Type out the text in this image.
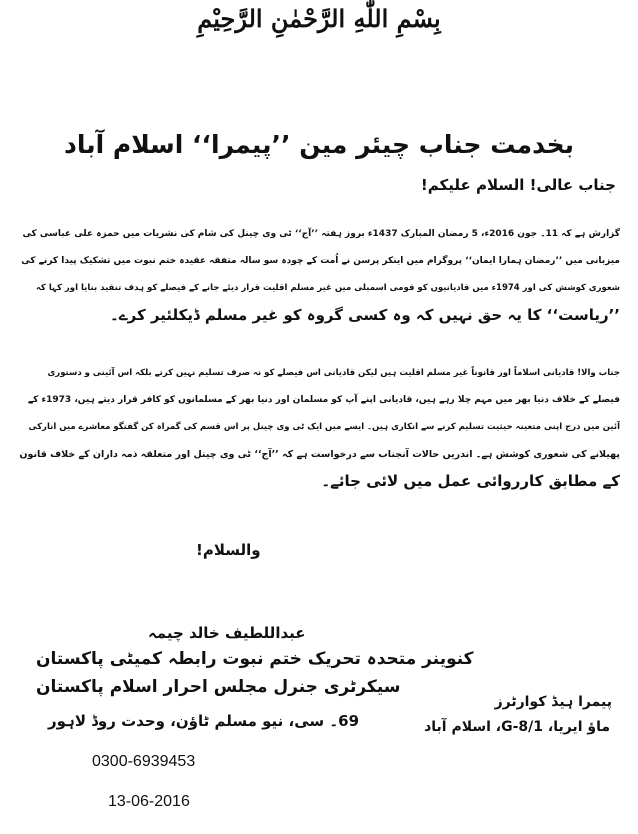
بِسْمِ اللّٰهِ الرَّحْمٰنِ الرَّحِيْمِ
بخدمت جناب چیئر مین ’’پیمرا‘‘ اسلام آباد
جناب عالی! السلام علیکم!
گزارش ہے کہ 11۔ جون 2016ء، 5 رمضان المبارک 1437ء بروز ہفتہ ’’آج‘‘ ٹی وی چینل کی شام کی نشریات میں حمزہ علی عباسی کی
میزبانی میں ’’رمضان ہمارا ایمان‘‘ پروگرام میں اینکر پرسن نے اُمت کے چودہ سو سالہ متفقہ عقیدہ ختم نبوت میں تشکیک پیدا کرنے کی
شعوری کوشش کی اور 1974ء میں قادیانیوں کو قومی اسمبلی میں غیر مسلم اقلیت قرار دیئے جانے کے فیصلے کو ہدف تنقید بنایا اور کہا کہ
’’ریاست‘‘ کا یہ حق نہیں کہ وہ کسی گروہ کو غیر مسلم ڈیکلئیر کرے۔
جناب والا! قادیانی اسلاماً اور قانوناً غیر مسلم اقلیت ہیں لیکن قادیانی اس فیصلے کو نہ صرف تسلیم نہیں کرتے بلکہ اس آئینی و دستوری
فیصلے کے خلاف دنیا بھر میں مہم چلا رہے ہیں، قادیانی اپنے آپ کو مسلمان اور دنیا بھر کے مسلمانوں کو کافر قرار دیتے ہیں، 1973ء کے
آئین میں درج اپنی متعینہ حیثیت تسلیم کرنے سے انکاری ہیں۔ ایسے میں ایک ٹی وی چینل پر اس قسم کی گمراہ کن گفتگو معاشرے میں انارکی
پھیلانے کی شعوری کوشش ہے۔ اندریں حالات آنجناب سے درخواست ہے کہ ’’آج‘‘ ٹی وی چینل اور متعلقہ ذمہ داران کے خلاف قانون
کے مطابق کارروائی عمل میں لائی جائے۔
والسلام!
عبداللطیف خالد چیمہ
کنوینر متحدہ تحریک ختم نبوت رابطہ کمیٹی پاکستان
سیکرٹری جنرل مجلس احرار اسلام پاکستان
69۔ سی، نیو مسلم ٹاؤن، وحدت روڈ لاہور
0300-6939453
13-06-2016
پیمرا ہیڈ کوارٹرز
ماؤ ایریا، G-8/1، اسلام آباد
